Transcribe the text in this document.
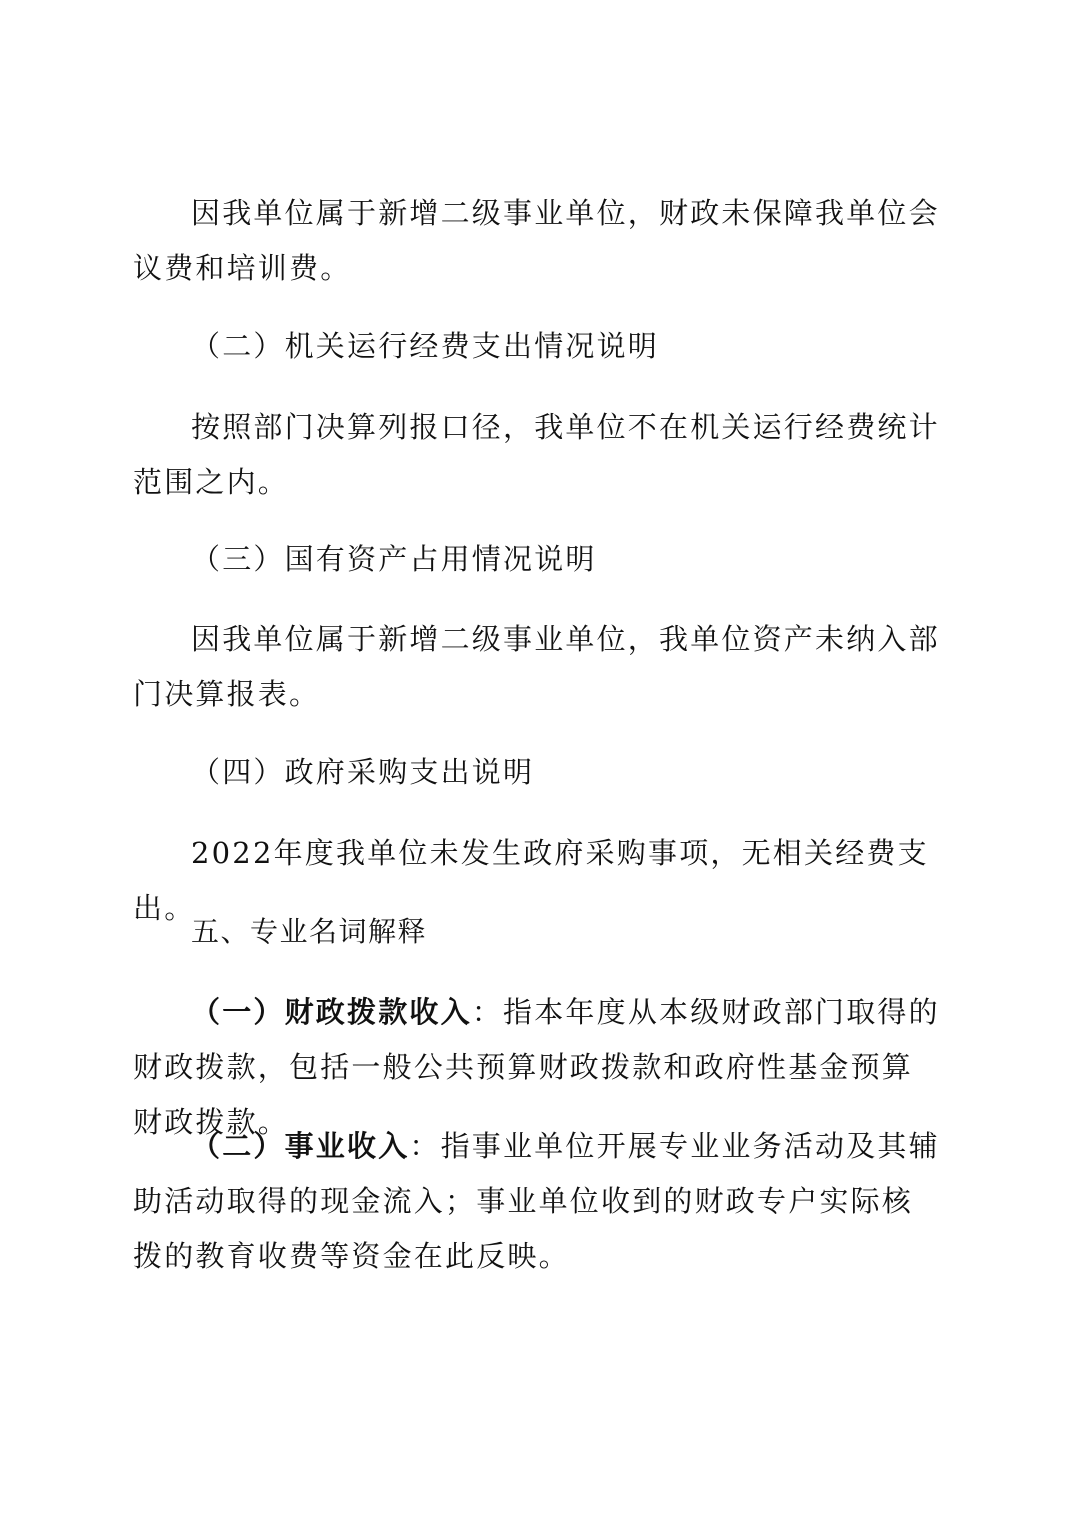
因我单位属于新增二级事业单位，财政未保障我单位会议费和培训费。

（二）机关运行经费支出情况说明

按照部门决算列报口径，我单位不在机关运行经费统计范围之内。

（三）国有资产占用情况说明

因我单位属于新增二级事业单位，我单位资产未纳入部门决算报表。

（四）政府采购支出说明

2022年度我单位未发生政府采购事项，无相关经费支出。

五、专业名词解释

（一）财政拨款收入：指本年度从本级财政部门取得的财政拨款，包括一般公共预算财政拨款和政府性基金预算财政拨款。

（二）事业收入：指事业单位开展专业业务活动及其辅助活动取得的现金流入；事业单位收到的财政专户实际核拨的教育收费等资金在此反映。
